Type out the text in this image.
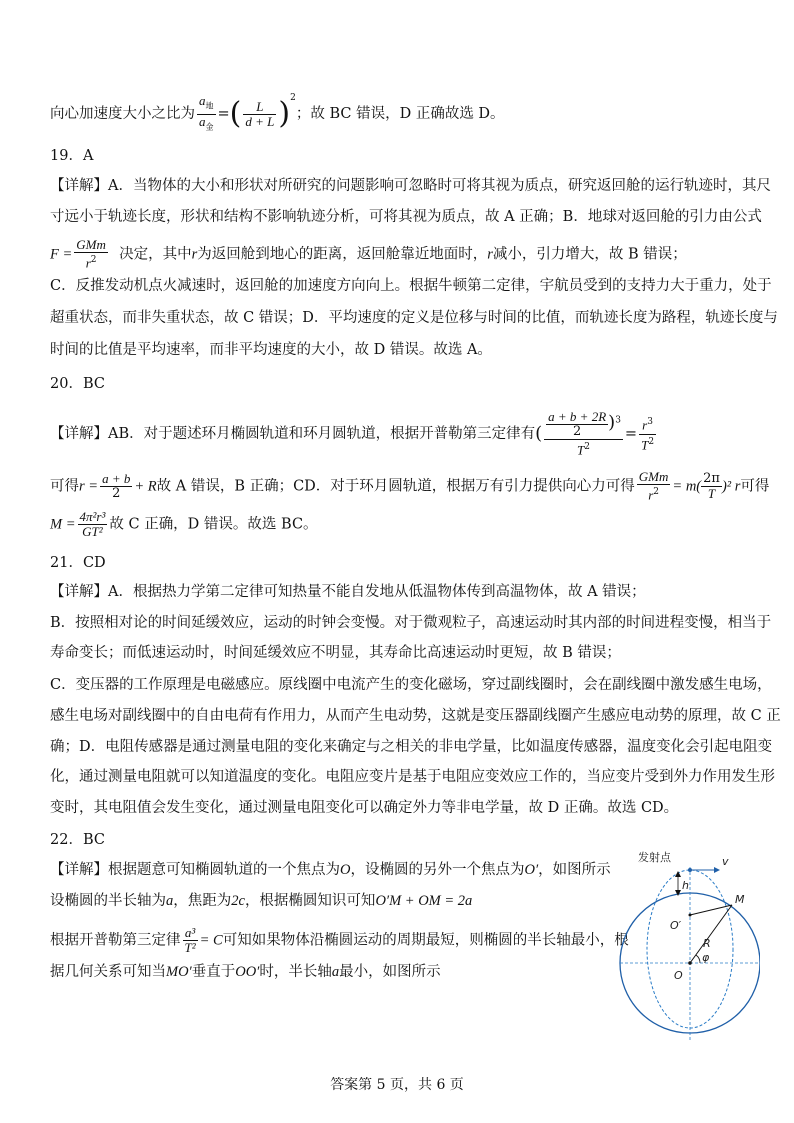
向心加速度大小之比为 $\frac{a_地}{a_金}$ =( $\frac{L}{d + L} )^2$；故 BC 错误，D 正确故选 D。
19．A
【详解】A．当物体的大小和形状对所研究的问题影响可忽略时可将其视为质点，研究返回舱的运行轨迹时，其尺
寸远小于轨迹长度，形状和结构不影响轨迹分析，可将其视为质点，故 A 正确；B．地球对返回舱的引力由公式
$F = \frac{\text{GMm}}{r^2}$ 决定，其中r为返回舱到地心的距离，返回舱靠近地面时，r减小，引力增大，故 B 错误；
C．反推发动机点火减速时，返回舱的加速度方向向上。根据牛顿第二定律，宇航员受到的支持力大于重力，处于
超重状态，而非失重状态，故 C 错误；D．平均速度的定义是位移与时间的比值，而轨迹长度为路程，轨迹长度与
时间的比值是平均速率，而非平均速度的大小，故 D 错误。故选 A。
20．BC
【详解】AB．对于题述环月椭圆轨道和环月圆轨道，根据开普勒第三定律有( $\frac{\frac{a + b + 2R}{2} )^3}{T^2} = \frac{r^3}{T^2}$
可得$r = \frac{a + b}{2} + R$故 A 错误，B 正确；CD．对于环月圆轨道，根据万有引力提供向心力可得 $\frac{\text{GMm}}{r^2} = m( \frac{2\pi}{T} )^2$ r可得
$M = \frac{\text{4π²r³}}{\text{GT²}}$ 故 C 正确，D 错误。故选 BC。
21．CD
【详解】A．根据热力学第二定律可知热量不能自发地从低温物体传到高温物体，故 A 错误；
B．按照相对论的时间延缓效应，运动的时钟会变慢。对于微观粒子，高速运动时其内部的时间进程变慢，相当于
寿命变长；而低速运动时，时间延缓效应不明显，其寿命比高速运动时更短，故 B 错误；
C．变压器的工作原理是电磁感应。原线圈中电流产生的变化磁场，穿过副线圈时，会在副线圈中激发感生电场，
感生电场对副线圈中的自由电荷有作用力，从而产生电动势，这就是变压器副线圈产生感应电动势的原理，故 C 正
确；D．电阻传感器是通过测量电阻的变化来确定与之相关的非电学量，比如温度传感器，温度变化会引起电阻变
化，通过测量电阻就可以知道温度的变化。电阻应变片是基于电阻应变效应工作的，当应变片受到外力作用发生形
变时，其电阻值会发生变化，通过测量电阻变化可以确定外力等非电学量，故 D 正确。故选 CD。
22．BC
【详解】根据题意可知椭圆轨道的一个焦点为O，设椭圆的另外一个焦点为O′，如图所示
设椭圆的半长轴为a，焦距为2c，根据椭圆知识可知O′M + OM = 2a
根据开普勒第三定律 $\frac{\text{a³}}{\text{T²}} = C$可知如果物体沿椭圆运动的周期最短，则椭圆的半长轴最小，根
据几何关系可知当MO′垂直于OO′时，半长轴a最小，如图所示
发射点	v
h
M
O′
R
φ
O
答案第 5 页，共 6 页
